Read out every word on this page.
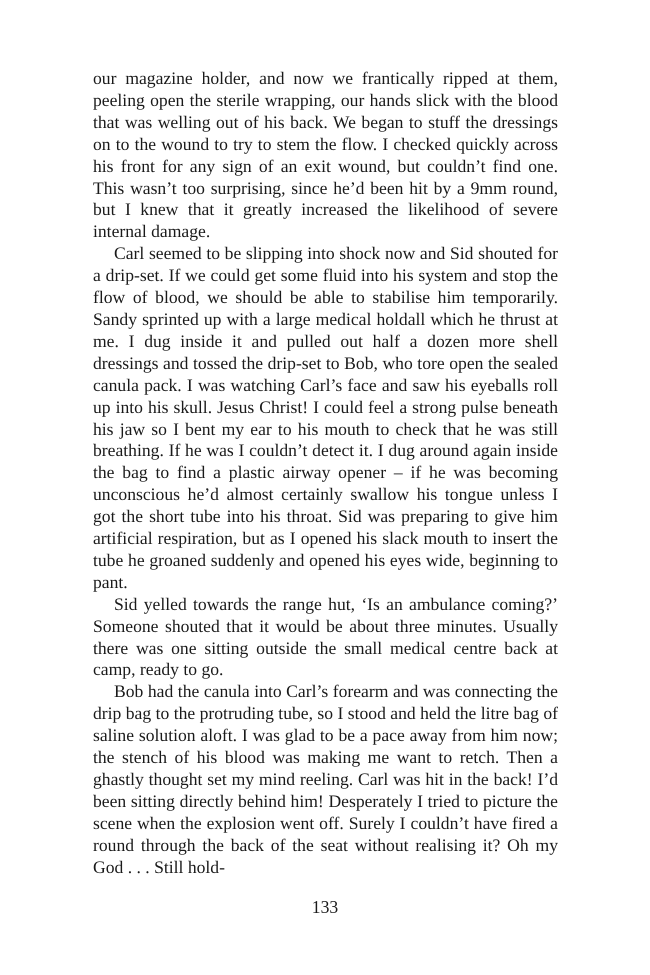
our magazine holder, and now we frantically ripped at them, peeling open the sterile wrapping, our hands slick with the blood that was welling out of his back. We began to stuff the dressings on to the wound to try to stem the flow. I checked quickly across his front for any sign of an exit wound, but couldn’t find one. This wasn’t too surprising, since he’d been hit by a 9mm round, but I knew that it greatly increased the likelihood of severe internal damage.

Carl seemed to be slipping into shock now and Sid shouted for a drip-set. If we could get some fluid into his system and stop the flow of blood, we should be able to stabilise him temporarily. Sandy sprinted up with a large medical holdall which he thrust at me. I dug inside it and pulled out half a dozen more shell dressings and tossed the drip-set to Bob, who tore open the sealed canula pack. I was watching Carl’s face and saw his eyeballs roll up into his skull. Jesus Christ! I could feel a strong pulse beneath his jaw so I bent my ear to his mouth to check that he was still breathing. If he was I couldn’t detect it. I dug around again inside the bag to find a plastic airway opener – if he was becoming unconscious he’d almost certainly swallow his tongue unless I got the short tube into his throat. Sid was preparing to give him artificial respiration, but as I opened his slack mouth to insert the tube he groaned suddenly and opened his eyes wide, beginning to pant.

Sid yelled towards the range hut, ‘Is an ambulance coming?’ Someone shouted that it would be about three minutes. Usually there was one sitting outside the small medical centre back at camp, ready to go.

Bob had the canula into Carl’s forearm and was connecting the drip bag to the protruding tube, so I stood and held the litre bag of saline solution aloft. I was glad to be a pace away from him now; the stench of his blood was making me want to retch. Then a ghastly thought set my mind reeling. Carl was hit in the back! I’d been sitting directly behind him! Desperately I tried to picture the scene when the explosion went off. Surely I couldn’t have fired a round through the back of the seat without realising it? Oh my God . . . Still hold-

133
